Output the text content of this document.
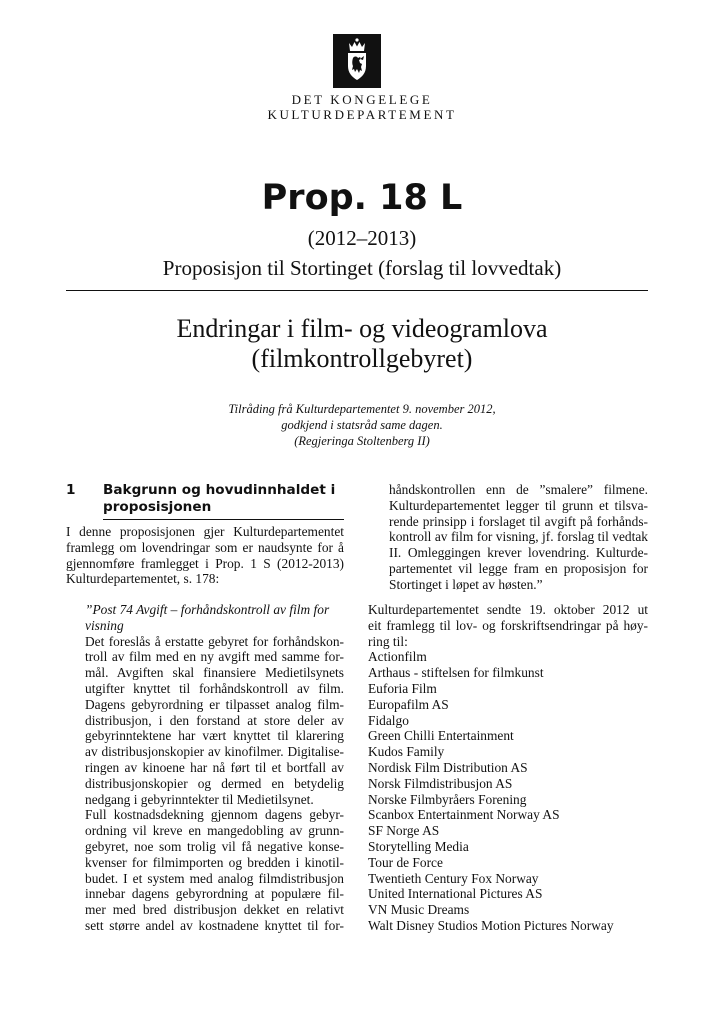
DET KONGELEGE
KULTURDEPARTEMENT
Prop. 18 L
(2012–2013)
Proposisjon til Stortinget (forslag til lovvedtak)
Endringar i film- og videogramlova
(filmkontrollgebyret)
Tilråding frå Kulturdepartementet 9. november 2012,
godkjend i statsråd same dagen.
(Regjeringa Stoltenberg II)
1 Bakgrunn og hovudinnhaldet i
proposisjonen
I denne proposisjonen gjer Kulturdepartementet
framlegg om lovendringar som er naudsynte for å
gjennomføre framlegget i Prop. 1 S (2012-2013)
Kulturdepartementet, s. 178:
”Post 74 Avgift – forhåndskontroll av film for
visning
Det foreslås å erstatte gebyret for forhåndskon-
troll av film med en ny avgift med samme for-
mål. Avgiften skal finansiere Medietilsynets
utgifter knyttet til forhåndskontroll av film.
Dagens gebyrordning er tilpasset analog film-
distribusjon, i den forstand at store deler av
gebyrinntektene har vært knyttet til klarering
av distribusjonskopier av kinofilmer. Digitalise-
ringen av kinoene har nå ført til et bortfall av
distribusjonskopier og dermed en betydelig
nedgang i gebyrinntekter til Medietilsynet.
Full kostnadsdekning gjennom dagens gebyr-
ordning vil kreve en mangedobling av grunn-
gebyret, noe som trolig vil få negative konse-
kvenser for filmimporten og bredden i kinotil-
budet. I et system med analog filmdistribusjon
innebar dagens gebyrordning at populære fil-
mer med bred distribusjon dekket en relativt
sett større andel av kostnadene knyttet til for-
håndskontrollen enn de ”smalere” filmene.
Kulturdepartementet legger til grunn et tilsva-
rende prinsipp i forslaget til avgift på forhånds-
kontroll av film for visning, jf. forslag til vedtak
II. Omleggingen krever lovendring. Kulturde-
partementet vil legge fram en proposisjon for
Stortinget i løpet av høsten.”
Kulturdepartementet sendte 19. oktober 2012 ut
eit framlegg til lov- og forskriftsendringar på høy-
ring til:
Actionfilm
Arthaus - stiftelsen for filmkunst
Euforia Film
Europafilm AS
Fidalgo
Green Chilli Entertainment
Kudos Family
Nordisk Film Distribution AS
Norsk Filmdistribusjon AS
Norske Filmbyråers Forening
Scanbox Entertainment Norway AS
SF Norge AS
Storytelling Media
Tour de Force
Twentieth Century Fox Norway
United International Pictures AS
VN Music Dreams
Walt Disney Studios Motion Pictures Norway
